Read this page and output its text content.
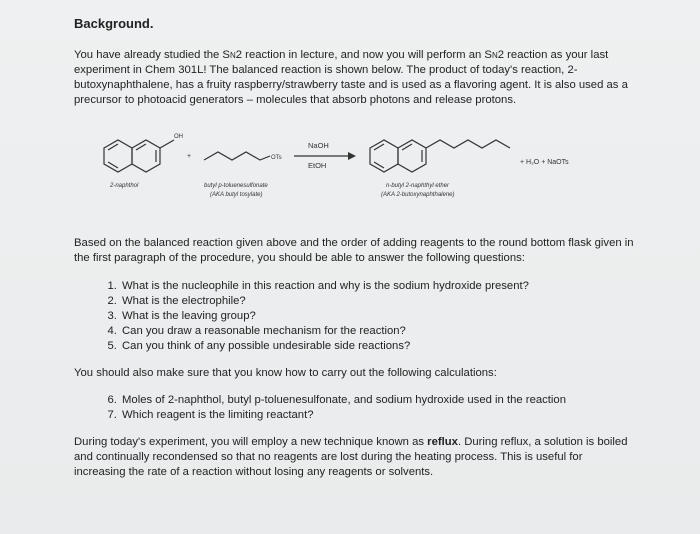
Background.
You have already studied the SN2 reaction in lecture, and now you will perform an SN2 reaction as your last experiment in Chem 301L! The balanced reaction is shown below. The product of today's reaction, 2-butoxynaphthalene, has a fruity raspberry/strawberry taste and is used as a flavoring agent. It is also used as a precursor to photoacid generators – molecules that absorb photons and release protons.
OH
+	OTs
NaOH
EtOH	+ H₂O + NaOTs
2-naphthol	butyl p-toluenesulfonate
(AKA butyl tosylate)
n-butyl 2-naphthyl ether
(AKA 2-butoxynaphthalene)
Based on the balanced reaction given above and the order of adding reagents to the round bottom flask given in the first paragraph of the procedure, you should be able to answer the following questions:
1. What is the nucleophile in this reaction and why is the sodium hydroxide present?
2. What is the electrophile?
3. What is the leaving group?
4. Can you draw a reasonable mechanism for the reaction?
5. Can you think of any possible undesirable side reactions?
You should also make sure that you know how to carry out the following calculations:
6. Moles of 2-naphthol, butyl p-toluenesulfonate, and sodium hydroxide used in the reaction
7. Which reagent is the limiting reactant?
During today's experiment, you will employ a new technique known as reflux. During reflux, a solution is boiled and continually recondensed so that no reagents are lost during the heating process. This is useful for increasing the rate of a reaction without losing any reagents or solvents.
